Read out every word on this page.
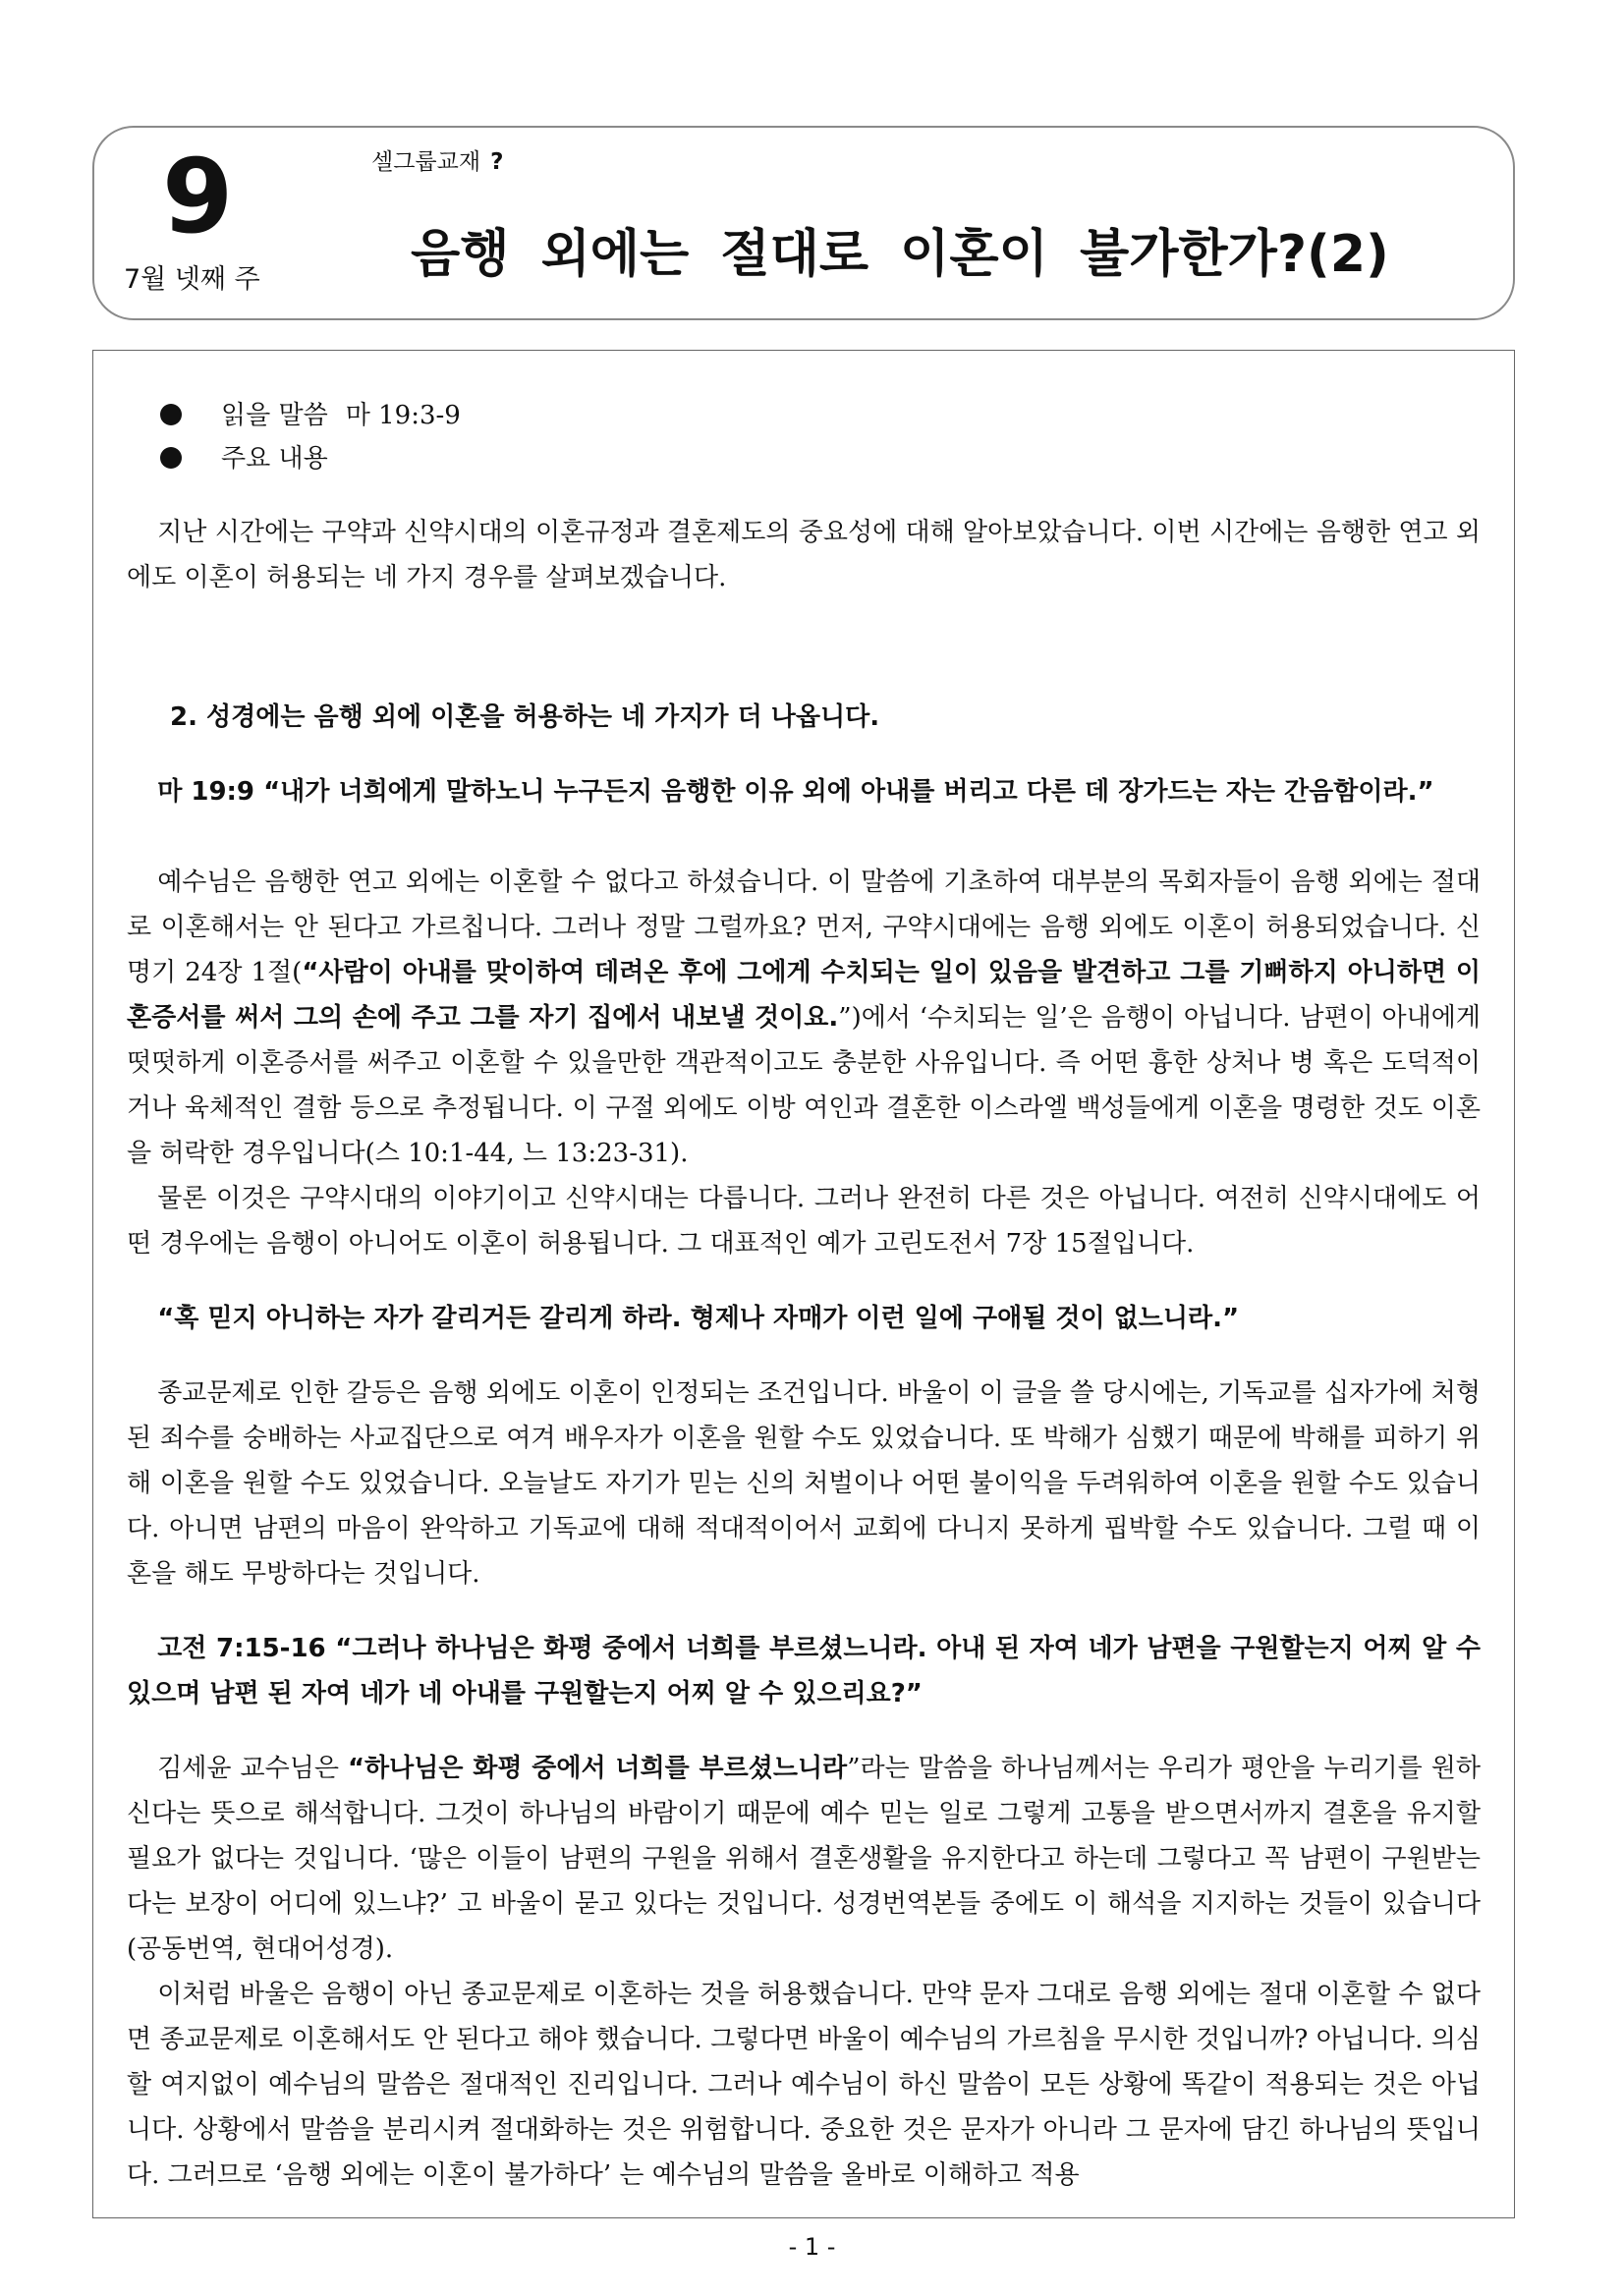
9
7월 넷째 주
셀그룹교재 ?
음행 외에는 절대로 이혼이 불가한가?(2)
읽을 말씀 마 19:3-9
주요 내용

지난 시간에는 구약과 신약시대의 이혼규정과 결혼제도의 중요성에 대해 알아보았습니다. 이번 시간에는 음행한 연고 외에도 이혼이 허용되는 네 가지 경우를 살펴보겠습니다.

2. 성경에는 음행 외에 이혼을 허용하는 네 가지가 더 나옵니다.

마 19:9 “내가 너희에게 말하노니 누구든지 음행한 이유 외에 아내를 버리고 다른 데 장가드는 자는 간음함이라.”

예수님은 음행한 연고 외에는 이혼할 수 없다고 하셨습니다. 이 말씀에 기초하여 대부분의 목회자들이 음행 외에는 절대로 이혼해서는 안 된다고 가르칩니다. 그러나 정말 그럴까요? 먼저, 구약시대에는 음행 외에도 이혼이 허용되었습니다. 신명기 24장 1절(“사람이 아내를 맞이하여 데려온 후에 그에게 수치되는 일이 있음을 발견하고 그를 기뻐하지 아니하면 이혼증서를 써서 그의 손에 주고 그를 자기 집에서 내보낼 것이요.”)에서 ‘수치되는 일’은 음행이 아닙니다. 남편이 아내에게 떳떳하게 이혼증서를 써주고 이혼할 수 있을만한 객관적이고도 충분한 사유입니다. 즉 어떤 흉한 상처나 병 혹은 도덕적이거나 육체적인 결함 등으로 추정됩니다. 이 구절 외에도 이방 여인과 결혼한 이스라엘 백성들에게 이혼을 명령한 것도 이혼을 허락한 경우입니다(스 10:1-44, 느 13:23-31).

물론 이것은 구약시대의 이야기이고 신약시대는 다릅니다. 그러나 완전히 다른 것은 아닙니다. 여전히 신약시대에도 어떤 경우에는 음행이 아니어도 이혼이 허용됩니다. 그 대표적인 예가 고린도전서 7장 15절입니다.

“혹 믿지 아니하는 자가 갈리거든 갈리게 하라. 형제나 자매가 이런 일에 구애될 것이 없느니라.”

종교문제로 인한 갈등은 음행 외에도 이혼이 인정되는 조건입니다. 바울이 이 글을 쓸 당시에는, 기독교를 십자가에 처형된 죄수를 숭배하는 사교집단으로 여겨 배우자가 이혼을 원할 수도 있었습니다. 또 박해가 심했기 때문에 박해를 피하기 위해 이혼을 원할 수도 있었습니다. 오늘날도 자기가 믿는 신의 처벌이나 어떤 불이익을 두려워하여 이혼을 원할 수도 있습니다. 아니면 남편의 마음이 완악하고 기독교에 대해 적대적이어서 교회에 다니지 못하게 핍박할 수도 있습니다. 그럴 때 이혼을 해도 무방하다는 것입니다.

고전 7:15-16 “그러나 하나님은 화평 중에서 너희를 부르셨느니라. 아내 된 자여 네가 남편을 구원할는지 어찌 알 수 있으며 남편 된 자여 네가 네 아내를 구원할는지 어찌 알 수 있으리요?”

김세윤 교수님은 “하나님은 화평 중에서 너희를 부르셨느니라”라는 말씀을 하나님께서는 우리가 평안을 누리기를 원하신다는 뜻으로 해석합니다. 그것이 하나님의 바람이기 때문에 예수 믿는 일로 그렇게 고통을 받으면서까지 결혼을 유지할 필요가 없다는 것입니다. ‘많은 이들이 남편의 구원을 위해서 결혼생활을 유지한다고 하는데 그렇다고 꼭 남편이 구원받는다는 보장이 어디에 있느냐?’ 고 바울이 묻고 있다는 것입니다. 성경번역본들 중에도 이 해석을 지지하는 것들이 있습니다(공동번역, 현대어성경).

이처럼 바울은 음행이 아닌 종교문제로 이혼하는 것을 허용했습니다. 만약 문자 그대로 음행 외에는 절대 이혼할 수 없다면 종교문제로 이혼해서도 안 된다고 해야 했습니다. 그렇다면 바울이 예수님의 가르침을 무시한 것입니까? 아닙니다. 의심할 여지없이 예수님의 말씀은 절대적인 진리입니다. 그러나 예수님이 하신 말씀이 모든 상황에 똑같이 적용되는 것은 아닙니다. 상황에서 말씀을 분리시켜 절대화하는 것은 위험합니다. 중요한 것은 문자가 아니라 그 문자에 담긴 하나님의 뜻입니다. 그러므로 ‘음행 외에는 이혼이 불가하다’ 는 예수님의 말씀을 올바로 이해하고 적용

- 1 -
